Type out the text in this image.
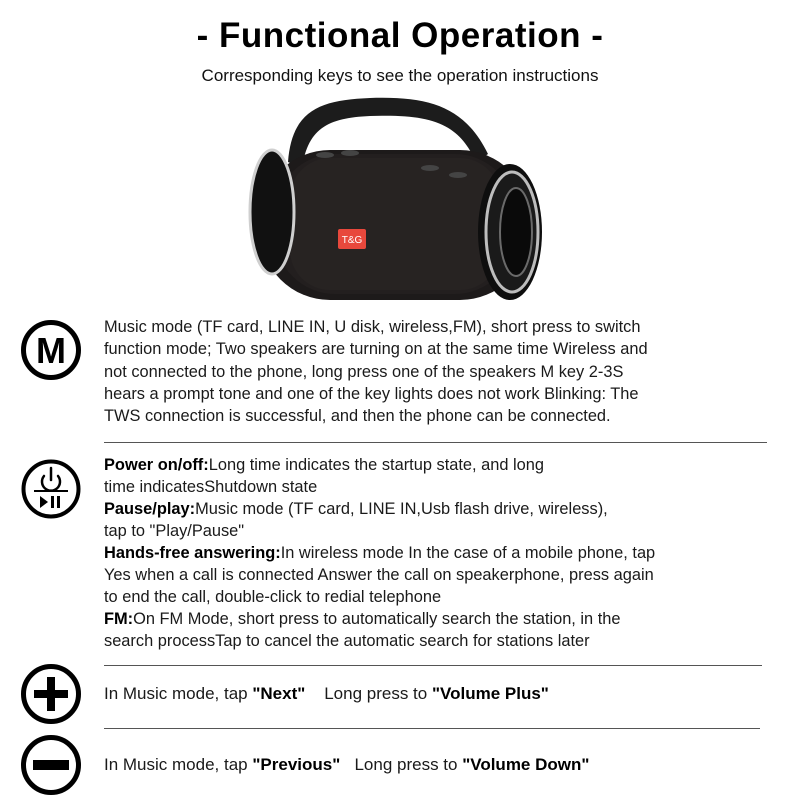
- Functional Operation -
Corresponding keys to see the operation instructions
T&G
M
Music mode (TF card, LINE IN, U disk, wireless,FM), short press to switch
function mode; Two speakers are turning on at the same time Wireless and
not connected to the phone, long press one of the speakers M key 2-3S
hears a prompt tone and one of the key lights does not work Blinking: The
TWS connection is successful, and then the phone can be connected.

Power on/off:Long time indicates the startup state, and long
time indicatesShutdown state

Pause/play:Music mode (TF card, LINE IN,Usb flash drive, wireless),
tap to "Play/Pause"

Hands-free answering:In wireless mode In the case of a mobile phone, tap
Yes when a call is connected Answer the call on speakerphone, press again
to end the call, double-click to redial telephone

FM:On FM Mode, short press to automatically search the station, in the
search processTap to cancel the automatic search for stations later

In Music mode, tap "Next"    Long press to "Volume Plus"
In Music mode, tap "Previous"   Long press to "Volume Down"
